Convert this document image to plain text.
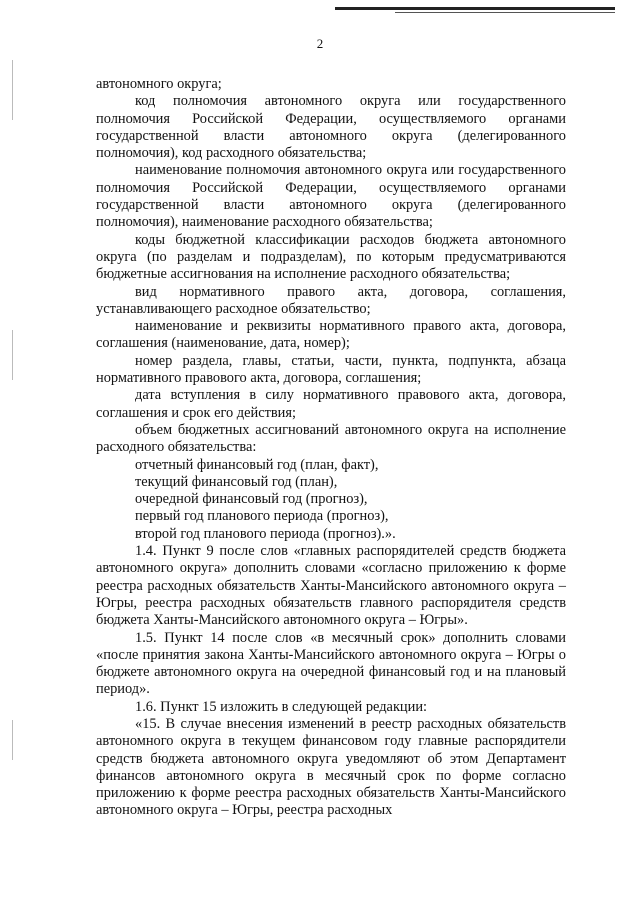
2

автономного округа;

код полномочия автономного округа или государственного полномочия Российской Федерации, осуществляемого органами государственной власти автономного округа (делегированного полномочия), код расходного обязательства;

наименование полномочия автономного округа или государственного полномочия Российской Федерации, осуществляемого органами государственной власти автономного округа (делегированного полномочия), наименование расходного обязательства;

коды бюджетной классификации расходов бюджета автономного округа (по разделам и подразделам), по которым предусматриваются бюджетные ассигнования на исполнение расходного обязательства;

вид нормативного правого акта, договора, соглашения, устанавливающего расходное обязательство;

наименование и реквизиты нормативного правого акта, договора, соглашения (наименование, дата, номер);

номер раздела, главы, статьи, части, пункта, подпункта, абзаца нормативного правового акта, договора, соглашения;

дата вступления в силу нормативного правового акта, договора, соглашения и срок его действия;

объем бюджетных ассигнований автономного округа на исполнение расходного обязательства:

отчетный финансовый год (план, факт),

текущий финансовый год (план),

очередной финансовый год (прогноз),

первый год планового периода (прогноз),

второй год планового периода (прогноз).».

1.4. Пункт 9 после слов «главных распорядителей средств бюджета автономного округа» дополнить словами «согласно приложению к форме реестра расходных обязательств Ханты-Мансийского автономного округа – Югры, реестра расходных обязательств главного распорядителя средств бюджета Ханты-Мансийского автономного округа – Югры».

1.5. Пункт 14 после слов «в месячный срок» дополнить словами «после принятия закона Ханты-Мансийского автономного округа – Югры о бюджете автономного округа на очередной финансовый год и на плановый период».

1.6. Пункт 15 изложить в следующей редакции:

«15. В случае внесения изменений в реестр расходных обязательств автономного округа в текущем финансовом году главные распорядители средств бюджета автономного округа уведомляют об этом Департамент финансов автономного округа в месячный срок по форме согласно приложению к форме реестра расходных обязательств Ханты-Мансийского автономного округа – Югры, реестра расходных
